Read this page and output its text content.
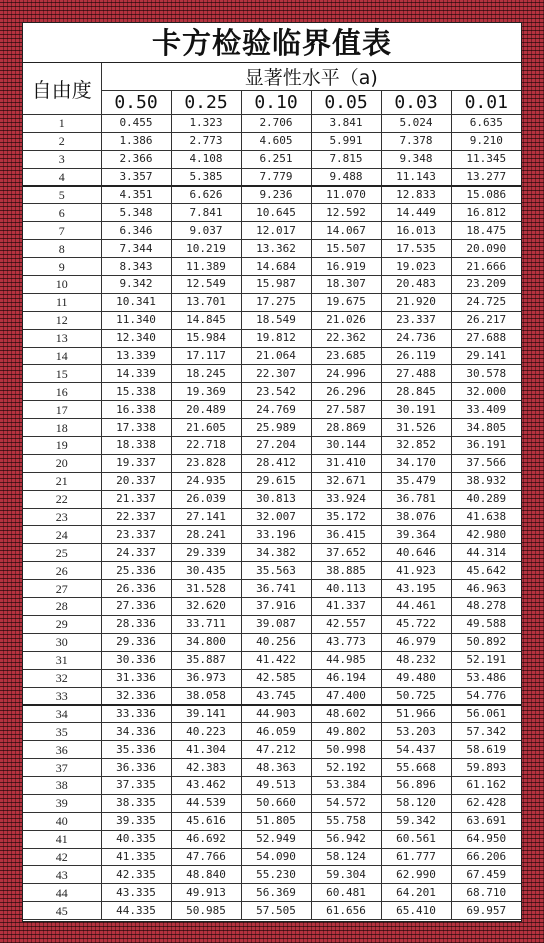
卡方检验临界值表
自由度	显著性水平（a)					
	0.50	0.25	0.10	0.05	0.03	0.01
1	0.455	1.323	2.706	3.841	5.024	6.635
2	1.386	2.773	4.605	5.991	7.378	9.210
3	2.366	4.108	6.251	7.815	9.348	11.345
4	3.357	5.385	7.779	9.488	11.143	13.277
5	4.351	6.626	9.236	11.070	12.833	15.086
6	5.348	7.841	10.645	12.592	14.449	16.812
7	6.346	9.037	12.017	14.067	16.013	18.475
8	7.344	10.219	13.362	15.507	17.535	20.090
9	8.343	11.389	14.684	16.919	19.023	21.666
10	9.342	12.549	15.987	18.307	20.483	23.209
11	10.341	13.701	17.275	19.675	21.920	24.725
12	11.340	14.845	18.549	21.026	23.337	26.217
13	12.340	15.984	19.812	22.362	24.736	27.688
14	13.339	17.117	21.064	23.685	26.119	29.141
15	14.339	18.245	22.307	24.996	27.488	30.578
16	15.338	19.369	23.542	26.296	28.845	32.000
17	16.338	20.489	24.769	27.587	30.191	33.409
18	17.338	21.605	25.989	28.869	31.526	34.805
19	18.338	22.718	27.204	30.144	32.852	36.191
20	19.337	23.828	28.412	31.410	34.170	37.566
21	20.337	24.935	29.615	32.671	35.479	38.932
22	21.337	26.039	30.813	33.924	36.781	40.289
23	22.337	27.141	32.007	35.172	38.076	41.638
24	23.337	28.241	33.196	36.415	39.364	42.980
25	24.337	29.339	34.382	37.652	40.646	44.314
26	25.336	30.435	35.563	38.885	41.923	45.642
27	26.336	31.528	36.741	40.113	43.195	46.963
28	27.336	32.620	37.916	41.337	44.461	48.278
29	28.336	33.711	39.087	42.557	45.722	49.588
30	29.336	34.800	40.256	43.773	46.979	50.892
31	30.336	35.887	41.422	44.985	48.232	52.191
32	31.336	36.973	42.585	46.194	49.480	53.486
33	32.336	38.058	43.745	47.400	50.725	54.776
34	33.336	39.141	44.903	48.602	51.966	56.061
35	34.336	40.223	46.059	49.802	53.203	57.342
36	35.336	41.304	47.212	50.998	54.437	58.619
37	36.336	42.383	48.363	52.192	55.668	59.893
38	37.335	43.462	49.513	53.384	56.896	61.162
39	38.335	44.539	50.660	54.572	58.120	62.428
40	39.335	45.616	51.805	55.758	59.342	63.691
41	40.335	46.692	52.949	56.942	60.561	64.950
42	41.335	47.766	54.090	58.124	61.777	66.206
43	42.335	48.840	55.230	59.304	62.990	67.459
44	43.335	49.913	56.369	60.481	64.201	68.710
45	44.335	50.985	57.505	61.656	65.410	69.957
